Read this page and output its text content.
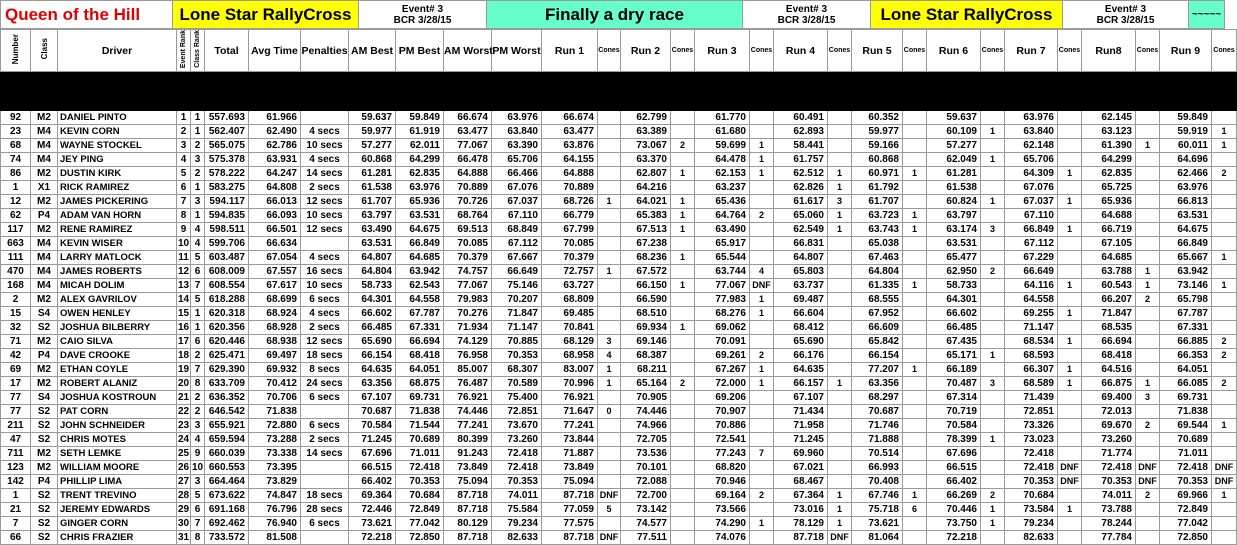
Queen of the Hill	Lone Star RallyCross	Event# 3
BCR 3/28/15	Finally a dry race	Event# 3
BCR 3/28/15	Lone Star RallyCross	Event# 3
BCR 3/28/15	~~~~~
Number	Class	Driver	Event Rank	Class Rank	Total	Avg Time	Penalties	AM Best	PM Best	AM Worst	PM Worst	Run 1	Cones	Run 2	Cones	Run 3	Cones	Run 4	Cones	Run 5	Cones	Run 6	Cones	Run 7	Cones	Run8	Cones	Run 9	Cones

92	M2	DANIEL PINTO	1	1	557.693	61.966		59.637	59.849	66.674	63.976	66.674		62.799		61.770		60.491		60.352		59.637		63.976		62.145		59.849	
23	M4	KEVIN CORN	2	1	562.407	62.490	4 secs	59.977	61.919	63.477	63.840	63.477		63.389		61.680		62.893		59.977		60.109	1	63.840		63.123		59.919	1
68	M4	WAYNE STOCKEL	3	2	565.075	62.786	10 secs	57.277	62.011	77.067	63.390	63.876		73.067	2	59.699	1	58.441		59.166		57.277		62.148		61.390	1	60.011	1
74	M4	JEY PING	4	3	575.378	63.931	4 secs	60.868	64.299	66.478	65.706	64.155		63.370		64.478	1	61.757		60.868		62.049	1	65.706		64.299		64.696	
86	M2	DUSTIN KIRK	5	2	578.222	64.247	14 secs	61.281	62.835	64.888	66.466	64.888		62.807	1	62.153	1	62.512	1	60.971	1	61.281		64.309	1	62.835		62.466	2
1	X1	RICK RAMIREZ	6	1	583.275	64.808	2 secs	61.538	63.976	70.889	67.076	70.889		64.216		63.237		62.826	1	61.792		61.538		67.076		65.725		63.976	
12	M2	JAMES PICKERING	7	3	594.117	66.013	12 secs	61.707	65.936	70.726	67.037	68.726	1	64.021	1	65.436		61.617	3	61.707		60.824	1	67.037	1	65.936		66.813	
62	P4	ADAM VAN HORN	8	1	594.835	66.093	10 secs	63.797	63.531	68.764	67.110	66.779		65.383	1	64.764	2	65.060	1	63.723	1	63.797		67.110		64.688		63.531	
117	M2	RENE RAMIREZ	9	4	598.511	66.501	12 secs	63.490	64.675	69.513	68.849	67.799		67.513	1	63.490		62.549	1	63.743	1	63.174	3	66.849	1	66.719		64.675	
663	M4	KEVIN WISER	10	4	599.706	66.634		63.531	66.849	70.085	67.112	70.085		67.238		65.917		66.831		65.038		63.531		67.112		67.105		66.849	
111	M4	LARRY MATLOCK	11	5	603.487	67.054	4 secs	64.807	64.685	70.379	67.667	70.379		68.236	1	65.544		64.807		67.463		65.477		67.229		64.685		65.667	1
470	M4	JAMES ROBERTS	12	6	608.009	67.557	16 secs	64.804	63.942	74.757	66.649	72.757	1	67.572		63.744	4	65.803		64.804		62.950	2	66.649		63.788	1	63.942	
168	M4	MICAH DOLIM	13	7	608.554	67.617	10 secs	58.733	62.543	77.067	75.146	63.727		66.150	1	77.067	DNF	63.737		61.335	1	58.733		64.116	1	60.543	1	73.146	1
2	M2	ALEX GAVRILOV	14	5	618.288	68.699	6 secs	64.301	64.558	79.983	70.207	68.809		66.590		77.983	1	69.487		68.555		64.301		64.558		66.207	2	65.798	
15	S4	OWEN HENLEY	15	1	620.318	68.924	4 secs	66.602	67.787	70.276	71.847	69.485		68.510		68.276	1	66.604		67.952		66.602		69.255	1	71.847		67.787	
32	S2	JOSHUA BILBERRY	16	1	620.356	68.928	2 secs	66.485	67.331	71.934	71.147	70.841		69.934	1	69.062		68.412		66.609		66.485		71.147		68.535		67.331	
71	M2	CAIO SILVA	17	6	620.446	68.938	12 secs	65.690	66.694	74.129	70.885	68.129	3	69.146		70.091		65.690		65.842		67.435		68.534	1	66.694		66.885	2
42	P4	DAVE CROOKE	18	2	625.471	69.497	18 secs	66.154	68.418	76.958	70.353	68.958	4	68.387		69.261	2	66.176		66.154		65.171	1	68.593		68.418		66.353	2
69	M2	ETHAN COYLE	19	7	629.390	69.932	8 secs	64.635	64.051	85.007	68.307	83.007	1	68.211		67.267	1	64.635		77.207	1	66.189		66.307	1	64.516		64.051	
17	M2	ROBERT ALANIZ	20	8	633.709	70.412	24 secs	63.356	68.875	76.487	70.589	70.996	1	65.164	2	72.000	1	66.157	1	63.356		70.487	3	68.589	1	66.875	1	66.085	2
77	S4	JOSHUA KOSTROUN	21	2	636.352	70.706	6 secs	67.107	69.731	76.921	75.400	76.921		70.905		69.206		67.107		68.297		67.314		71.439		69.400	3	69.731	
77	S2	PAT CORN	22	2	646.542	71.838		70.687	71.838	74.446	72.851	71.647	0	74.446		70.907		71.434		70.687		70.719		72.851		72.013		71.838	
211	S2	JOHN SCHNEIDER	23	3	655.921	72.880	6 secs	70.584	71.544	77.241	73.670	77.241		74.966		70.886		71.958		71.746		70.584		73.326		69.670	2	69.544	1
47	S2	CHRIS MOTES	24	4	659.594	73.288	2 secs	71.245	70.689	80.399	73.260	73.844		72.705		72.541		71.245		71.888		78.399	1	73.023		73.260		70.689	
711	M2	SETH LEMKE	25	9	660.039	73.338	14 secs	67.696	71.011	91.243	72.418	71.887		73.536		77.243	7	69.960		70.514		67.696		72.418		71.774		71.011	
123	M2	WILLIAM MOORE	26	10	660.553	73.395		66.515	72.418	73.849	72.418	73.849		70.101		68.820		67.021		66.993		66.515		72.418	DNF	72.418	DNF	72.418	DNF
142	P4	PHILLIP LIMA	27	3	664.464	73.829		66.402	70.353	75.094	70.353	75.094		72.088		70.946		68.467		70.408		66.402		70.353	DNF	70.353	DNF	70.353	DNF
1	S2	TRENT TREVINO	28	5	673.622	74.847	18 secs	69.364	70.684	87.718	74.011	87.718	DNF	72.700		69.164	2	67.364	1	67.746	1	66.269	2	70.684		74.011	2	69.966	1
21	S2	JEREMY EDWARDS	29	6	691.168	76.796	28 secs	72.446	72.849	87.718	75.584	77.059	5	73.142		73.566		73.016	1	75.718	6	70.446	1	73.584	1	73.788		72.849	
7	S2	GINGER CORN	30	7	692.462	76.940	6 secs	73.621	77.042	80.129	79.234	77.575		74.577		74.290	1	78.129	1	73.621		73.750	1	79.234		78.244		77.042	
66	S2	CHRIS FRAZIER	31	8	733.572	81.508		72.218	72.850	87.718	82.633	87.718	DNF	77.511		74.076		87.718	DNF	81.064		72.218		82.633		77.784		72.850	
